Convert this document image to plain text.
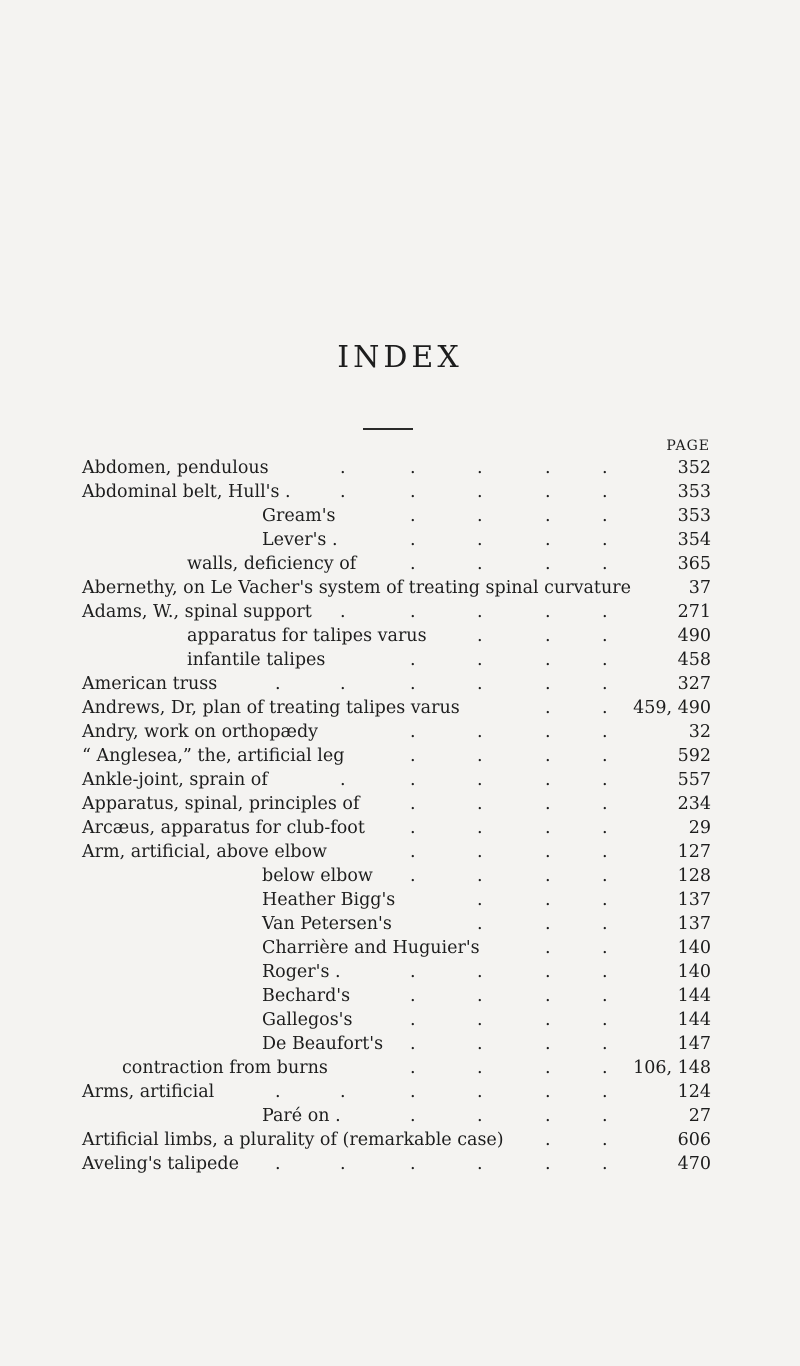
INDEX
PAGE
Abdomen, pendulous	352
.	.	.	.	.
Abdominal belt, Hull's .	353
.	.	.	.	.
Gream's	353
.	.	.	.
Lever's .	354
.	.	.	.
walls, deficiency of	365
.	.	.	.
Abernethy, on Le Vacher's system of treating spinal curvature	37
Adams, W., spinal support	271
.	.	.	.	.
apparatus for talipes varus	490
.	.	.
infantile talipes	458
.	.	.	.
American truss	327
.	.	.	.	.	.
Andrews, Dr, plan of treating talipes varus	459, 490
.	.
Andry, work on orthopædy	32
.	.	.	.
“ Anglesea,” the, artificial leg	592
.	.	.	.
Ankle-joint, sprain of	557
.	.	.	.	.
Apparatus, spinal, principles of	234
.	.	.	.
Arcæus, apparatus for club-foot	29
.	.	.	.
Arm, artificial, above elbow	127
.	.	.	.
below elbow	128
.	.	.	.
Heather Bigg's	137
.	.	.
Van Petersen's	137
.	.	.
Charrière and Huguier's	140
.	.
Roger's .	140
.	.	.	.
Bechard's	144
.	.	.	.
Gallegos's	144
.	.	.	.
De Beaufort's	147
.	.	.	.
contraction from burns	106, 148
.	.	.	.
Arms, artificial	124
.	.	.	.	.	.
Paré on .	27
.	.	.	.
Artificial limbs, a plurality of (remarkable case)	606
.	.
Aveling's talipede	470
.	.	.	.	.	.
